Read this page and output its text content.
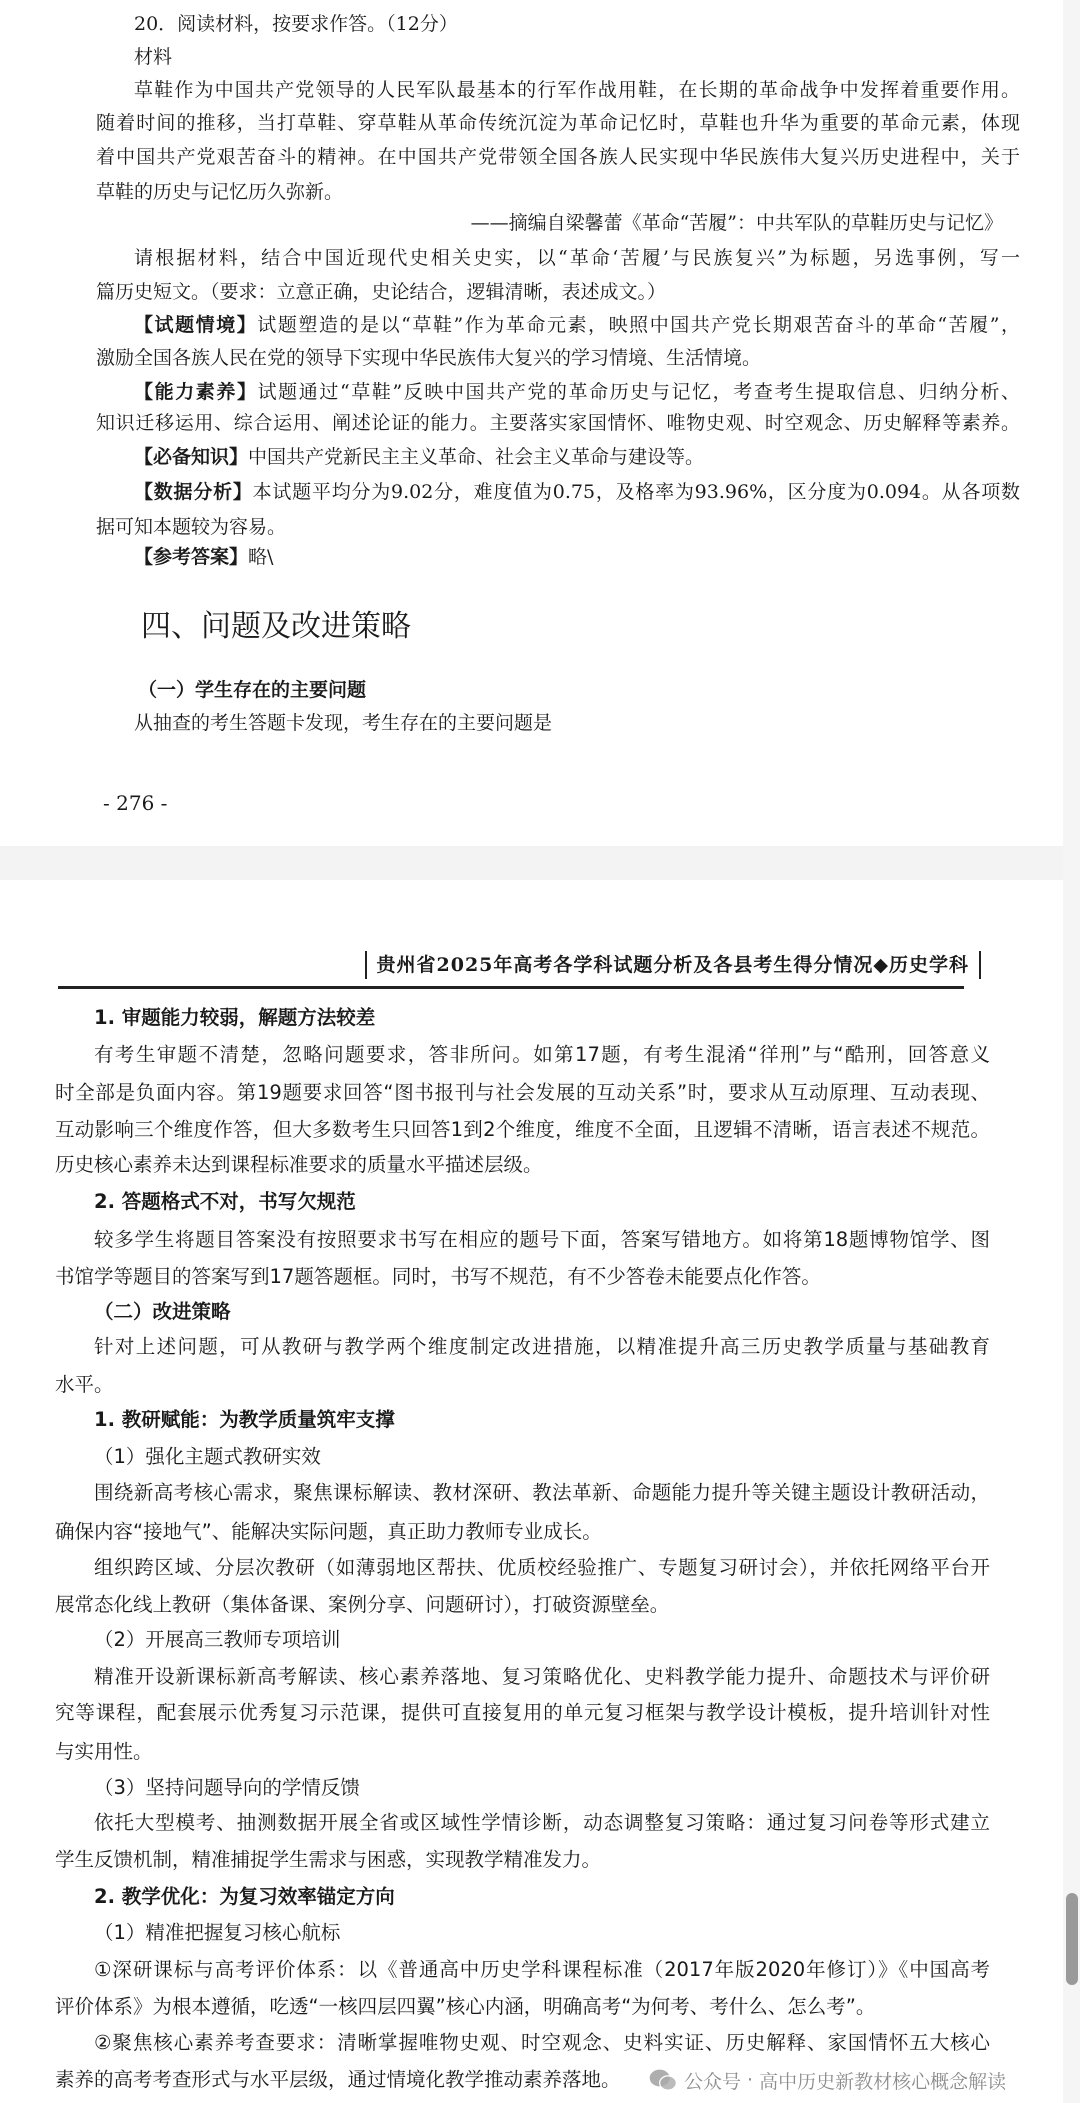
20．阅读材料，按要求作答。（12分）
材料
草鞋作为中国共产党领导的人民军队最基本的行军作战用鞋，在长期的革命战争中发挥着重要作用。
随着时间的推移，当打草鞋、穿草鞋从革命传统沉淀为革命记忆时，草鞋也升华为重要的革命元素，体现
着中国共产党艰苦奋斗的精神。在中国共产党带领全国各族人民实现中华民族伟大复兴历史进程中，关于
草鞋的历史与记忆历久弥新。
——摘编自梁馨蕾《革命“苦履”：中共军队的草鞋历史与记忆》
请根据材料，结合中国近现代史相关史实，以“革命‘苦履’与民族复兴”为标题，另选事例，写一
篇历史短文。（要求：立意正确，史论结合，逻辑清晰，表述成文。）
【试题情境】试题塑造的是以“草鞋”作为革命元素，映照中国共产党长期艰苦奋斗的革命“苦履”，
激励全国各族人民在党的领导下实现中华民族伟大复兴的学习情境、生活情境。
【能力素养】试题通过“草鞋”反映中国共产党的革命历史与记忆，考查考生提取信息、归纳分析、
知识迁移运用、综合运用、阐述论证的能力。主要落实家国情怀、唯物史观、时空观念、历史解释等素养。
【必备知识】中国共产党新民主主义革命、社会主义革命与建设等。
【数据分析】本试题平均分为9.02分，难度值为0.75，及格率为93.96%，区分度为0.094。从各项数
据可知本题较为容易。
【参考答案】略\
四、问题及改进策略
（一）学生存在的主要问题
从抽查的考生答题卡发现，考生存在的主要问题是
- 276 -
贵州省2025年高考各学科试题分析及各县考生得分情况◆历史学科
1. 审题能力较弱，解题方法较差
有考生审题不清楚，忽略问题要求，答非所问。如第17题，有考生混淆“徉刑”与“酷刑，回答意义
时全部是负面内容。第19题要求回答“图书报刊与社会发展的互动关系”时，要求从互动原理、互动表现、
互动影响三个维度作答，但大多数考生只回答1到2个维度，维度不全面，且逻辑不清晰，语言表述不规范。
历史核心素养未达到课程标准要求的质量水平描述层级。
2. 答题格式不对，书写欠规范
较多学生将题目答案没有按照要求书写在相应的题号下面，答案写错地方。如将第18题博物馆学、图
书馆学等题目的答案写到17题答题框。同时，书写不规范，有不少答卷未能要点化作答。
（二）改进策略
针对上述问题，可从教研与教学两个维度制定改进措施，以精准提升高三历史教学质量与基础教育
水平。
1. 教研赋能：为教学质量筑牢支撑
（1）强化主题式教研实效
围绕新高考核心需求，聚焦课标解读、教材深研、教法革新、命题能力提升等关键主题设计教研活动，
确保内容“接地气”、能解决实际问题，真正助力教师专业成长。
组织跨区域、分层次教研（如薄弱地区帮扶、优质校经验推广、专题复习研讨会），并依托网络平台开
展常态化线上教研（集体备课、案例分享、问题研讨），打破资源壁垒。
（2）开展高三教师专项培训
精准开设新课标新高考解读、核心素养落地、复习策略优化、史料教学能力提升、命题技术与评价研
究等课程，配套展示优秀复习示范课，提供可直接复用的单元复习框架与教学设计模板，提升培训针对性
与实用性。
（3）坚持问题导向的学情反馈
依托大型模考、抽测数据开展全省或区域性学情诊断，动态调整复习策略：通过复习问卷等形式建立
学生反馈机制，精准捕捉学生需求与困惑，实现教学精准发力。
2. 教学优化：为复习效率锚定方向
（1）精准把握复习核心航标
①深研课标与高考评价体系：以《普通高中历史学科课程标准（2017年版2020年修订）》《中国高考
评价体系》为根本遵循，吃透“一核四层四翼”核心内涵，明确高考“为何考、考什么、怎么考”。
②聚焦核心素养考查要求：清晰掌握唯物史观、时空观念、史料实证、历史解释、家国情怀五大核心
素养的高考考查形式与水平层级，通过情境化教学推动素养落地。	公众号 · 高中历史新教材核心概念解读
